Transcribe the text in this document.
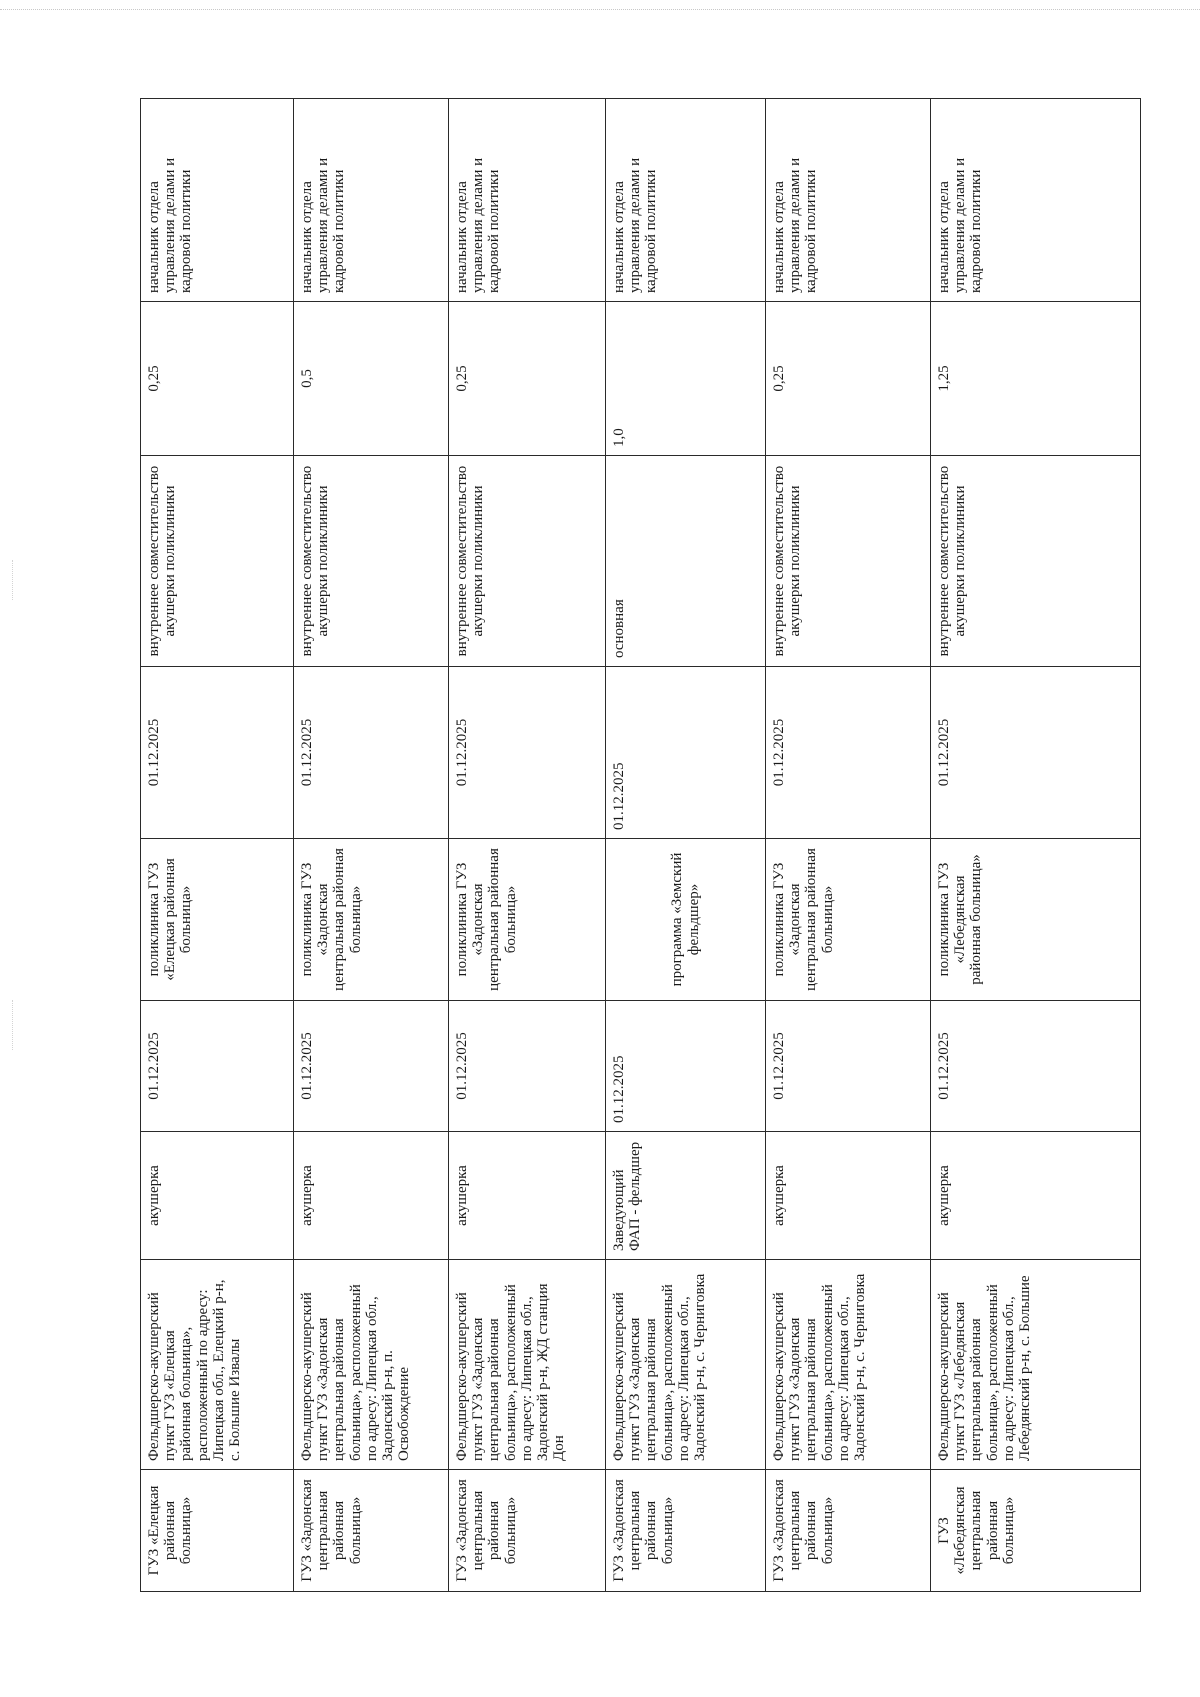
ГУЗ «Елецкая районная больница»	Фельдшерско-акушерский пункт ГУЗ «Елецкая районная больница», расположенный по адресу: Липецкая обл., Елецкий р-н, с. Большие Извалы	акушерка	01.12.2025	поликлиника ГУЗ «Елецкая районная больница»	01.12.2025	внутреннее совместительство акушерки поликлиники	0,25	начальник отдела управления делами и кадровой политики
ГУЗ «Задонская центральная районная больница»	Фельдшерско-акушерский пункт ГУЗ «Задонская центральная районная больница», расположенный по адресу: Липецкая обл., Задонский р-н, п. Освобождение	акушерка	01.12.2025	поликлиника ГУЗ «Задонская центральная районная больница»	01.12.2025	внутреннее совместительство акушерки поликлиники	0,5	начальник отдела управления делами и кадровой политики
ГУЗ «Задонская центральная районная больница»	Фельдшерско-акушерский пункт ГУЗ «Задонская центральная районная больница», расположенный по адресу: Липецкая обл., Задонский р-н, ЖД станция Дон	акушерка	01.12.2025	поликлиника ГУЗ «Задонская центральная районная больница»	01.12.2025	внутреннее совместительство акушерки поликлиники	0,25	начальник отдела управления делами и кадровой политики
ГУЗ «Задонская центральная районная больница»	Фельдшерско-акушерский пункт ГУЗ «Задонская центральная районная больница», расположенный по адресу: Липецкая обл., Задонский р-н, с. Черниговка	Заведующий ФАП - фельдшер	01.12.2025	программа «Земский фельдшер»	01.12.2025	основная	1,0	начальник отдела управления делами и кадровой политики
ГУЗ «Задонская центральная районная больница»	Фельдшерско-акушерский пункт ГУЗ «Задонская центральная районная больница», расположенный по адресу: Липецкая обл., Задонский р-н, с. Черниговка	акушерка	01.12.2025	поликлиника ГУЗ «Задонская центральная районная больница»	01.12.2025	внутреннее совместительство акушерки поликлиники	0,25	начальник отдела управления делами и кадровой политики
ГУЗ «Лебедянская центральная районная больница»	Фельдшерско-акушерский пункт ГУЗ «Лебедянская центральная районная больница», расположенный по адресу: Липецкая обл., Лебедянский р-н, с. Большие	акушерка	01.12.2025	поликлиника ГУЗ «Лебедянская районная больница»	01.12.2025	внутреннее совместительство акушерки поликлиники	1,25	начальник отдела управления делами и кадровой политики
